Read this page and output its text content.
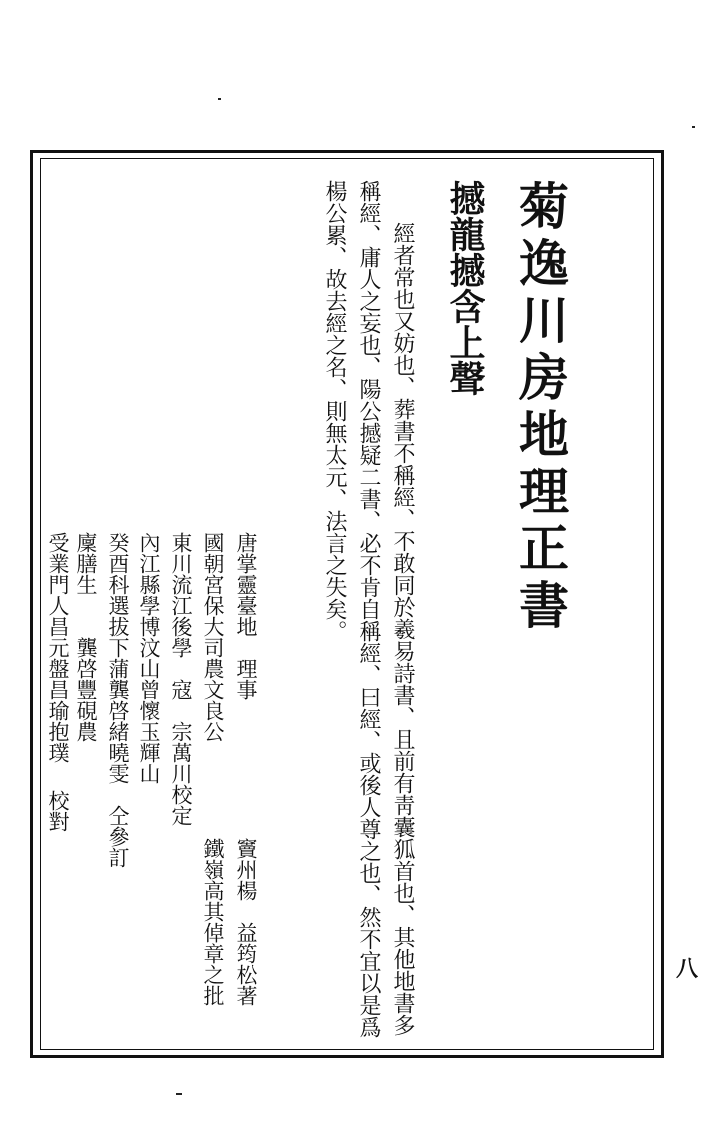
菊逸川房地理正書
撼龍撼含上聲
經者常也又妨也、葬書不稱經、不敢同於羲易詩書、且前有靑囊狐首也、其他地書多
稱經、庸人之妄也、陽公撼疑二書、必不肯自稱經、曰經、或後人尊之也、然不宜以是爲
楊公累、故去經之名、則無太元、法言之失矣。
唐掌靈臺地　理事
竇州楊　益筠松著
國朝宮保大司農文良公
鐵嶺高其倬章之批
東川流江後學　寇　宗萬川校定
內江縣學博汶山曾懷玉輝山
癸酉科選拔下蒲龔啓緒曉雯　仝參訂
廩膳生　　龔啓豐硯農
受業門人昌元盤昌瑜抱璞
校對
八
